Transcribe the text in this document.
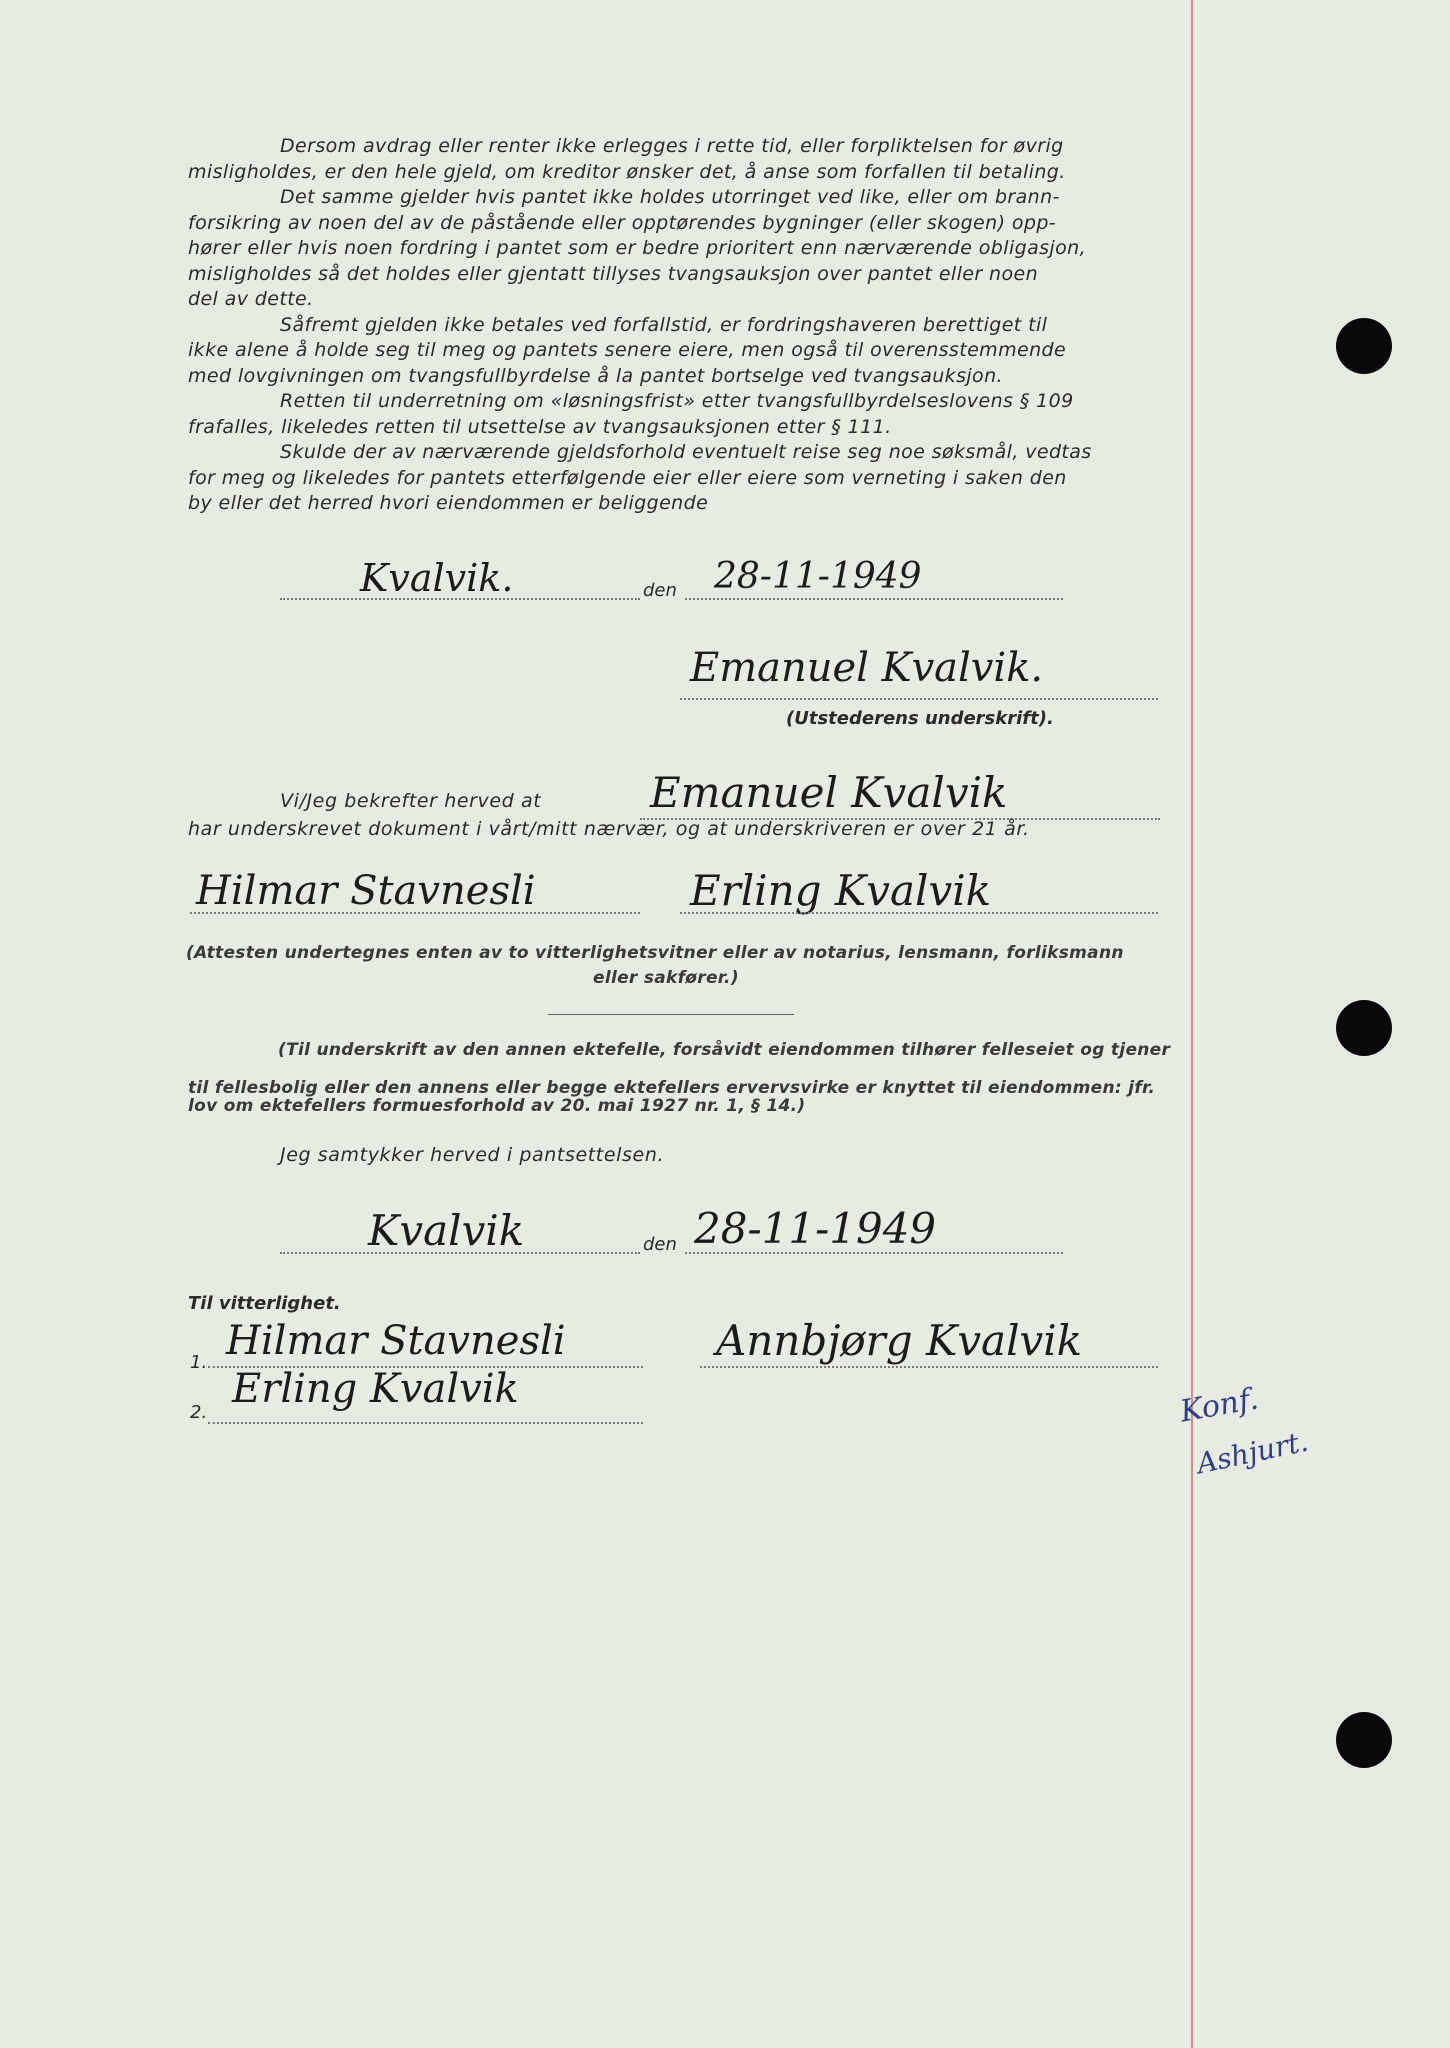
Dersom avdrag eller renter ikke erlegges i rette tid, eller forpliktelsen for øvrig
misligholdes, er den hele gjeld, om kreditor ønsker det, å anse som forfallen til betaling.
Det samme gjelder hvis pantet ikke holdes utorringet ved like, eller om brann-
forsikring av noen del av de påstående eller opptørendes bygninger (eller skogen) opp-
hører eller hvis noen fordring i pantet som er bedre prioritert enn nærværende obligasjon,
misligholdes så det holdes eller gjentatt tillyses tvangsauksjon over pantet eller noen
del av dette.
Såfremt gjelden ikke betales ved forfallstid, er fordringshaveren berettiget til
ikke alene å holde seg til meg og pantets senere eiere, men også til overensstemmende
med lovgivningen om tvangsfullbyrdelse å la pantet bortselge ved tvangsauksjon.
Retten til underretning om «løsningsfrist» etter tvangsfullbyrdelseslovens § 109
frafalles, likeledes retten til utsettelse av tvangsauksjonen etter § 111.
Skulde der av nærværende gjeldsforhold eventuelt reise seg noe søksmål, vedtas
for meg og likeledes for pantets etterfølgende eier eller eiere som verneting i saken den
by eller det herred hvori eiendommen er beliggende
Kvalvik.	den 28-11-1949
Emanuel Kvalvik.
(Utstederens underskrift).
Vi/Jeg bekrefter herved at	Emanuel Kvalvik
har underskrevet dokument i vårt/mitt nærvær, og at underskriveren er over 21 år.
Hilmar Stavnesli	Erling Kvalvik
(Attesten undertegnes enten av to vitterlighetsvitner eller av notarius, lensmann, forliksmann
eller sakfører.)
(Til underskrift av den annen ektefelle, forsåvidt eiendommen tilhører felleseiet og tjener
til fellesbolig eller den annens eller begge ektefellers ervervsvirke er knyttet til eiendommen: jfr.
lov om ektefellers formuesforhold av 20. mai 1927 nr. 1, § 14.)
Jeg samtykker herved i pantsettelsen.
Kvalvik	den 28-11-1949
Til vitterlighet.
1. Hilmar Stavnesli	Annbjørg Kvalvik
2.
Erling Kvalvik	Konf.
Ashjurt.
